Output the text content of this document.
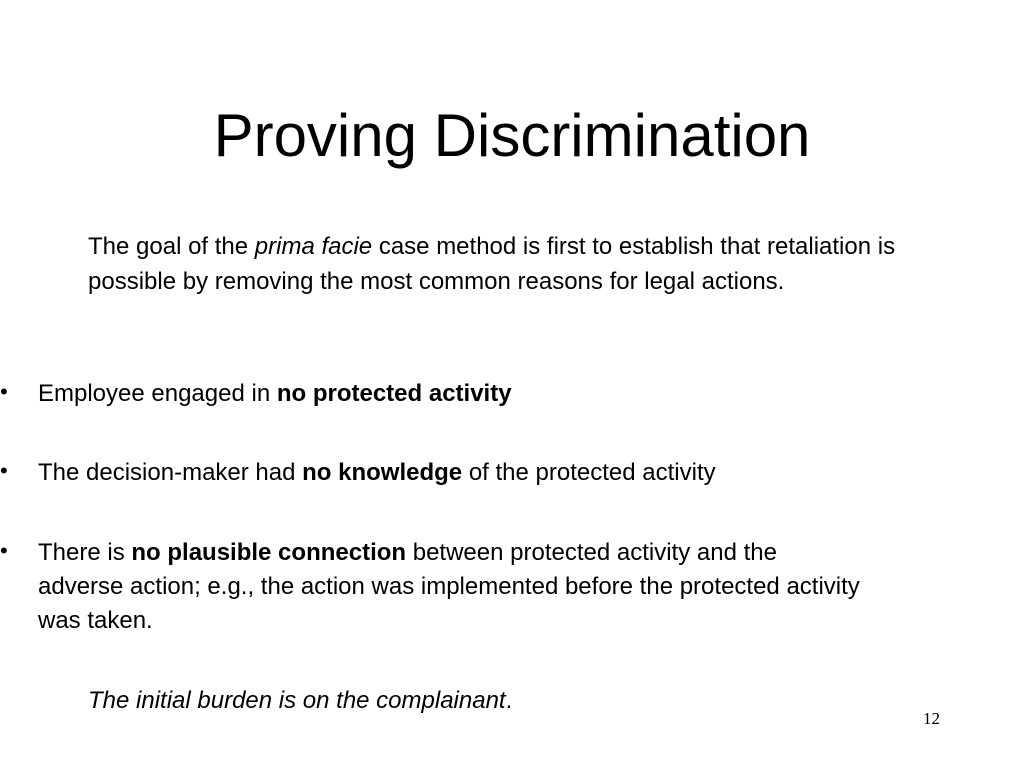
Proving Discrimination
The goal of the prima facie case method is first to establish that retaliation is possible by removing the most common reasons for legal actions.
• Employee engaged in no protected activity
• The decision-maker had no knowledge of the protected activity
• There is no plausible connection between protected activity and the adverse action; e.g., the action was implemented before the protected activity was taken.
The initial burden is on the complainant.
12
